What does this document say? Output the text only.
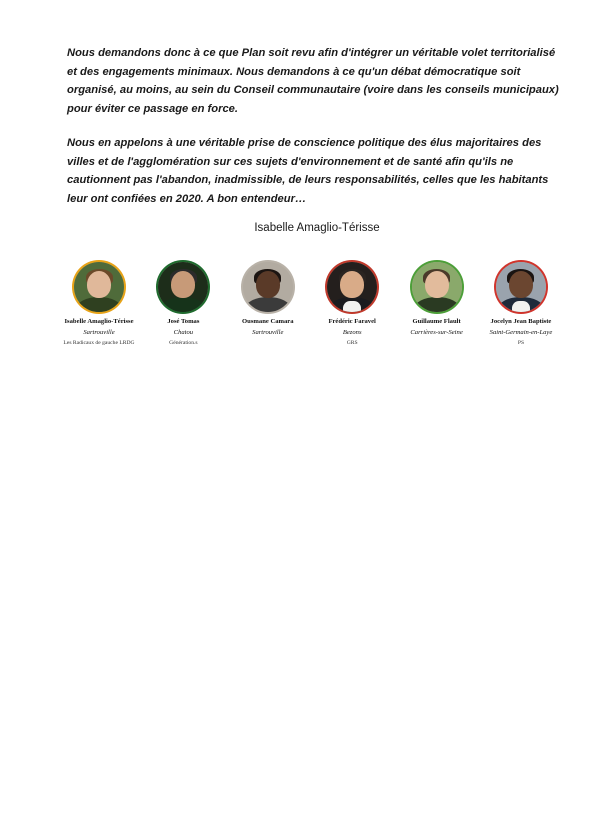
Nous demandons donc à ce que Plan soit revu afin d'intégrer un véritable volet territorialisé et des engagements minimaux. Nous demandons à ce qu'un débat démocratique soit organisé, au moins, au sein du Conseil communautaire (voire dans les conseils municipaux) pour éviter ce passage en force.

Nous en appelons à une véritable prise de conscience politique des élus majoritaires des villes et de l'agglomération sur ces sujets d'environnement et de santé afin qu'ils ne cautionnent pas l'abandon, inadmissible, de leurs responsabilités, celles que les habitants leur ont confiées en 2020. A bon entendeur…

Isabelle Amaglio-Térisse
Isabelle Amaglio-Térisse
Sartrouville
Les Radicaux de gauche LRDG
José Tomas
Chatou
Génération.s
Ousmane Camara
Sartrouville
Frédéric Faravel
Bezons
GRS
Guillaume Flault
Carrières-sur-Seine
Jocelyn Jean Baptiste
Saint-Germain-en-Laye
PS
